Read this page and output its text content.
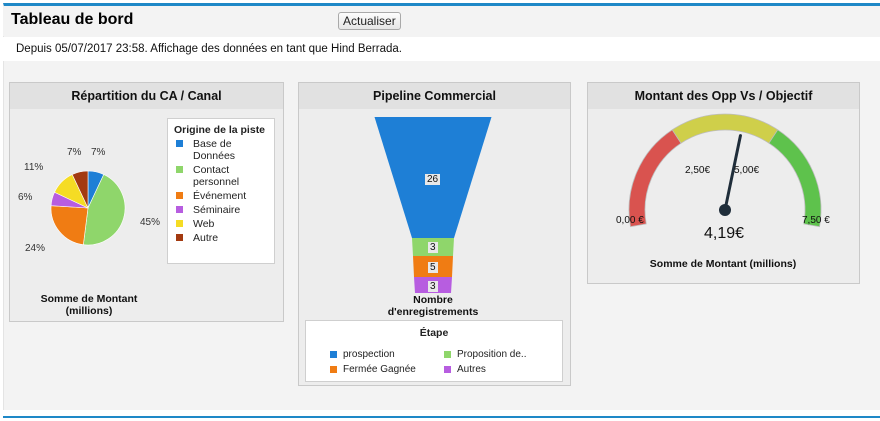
Tableau de bord	Actualiser
Depuis 05/07/2017 23:58. Affichage des données en tant que Hind Berrada.
Répartition du CA / Canal
7%
45%
24%
6%
11%
7%
Somme de Montant (millions)
Origine de la piste
Base de Données
Contact personnel
Événement
Séminaire
Web
Autre
Pipeline Commercial
26
3
5
3
Nombre d'enregistrements
Étape
prospection	Proposition de..
Fermée Gagnée	Autres
Montant des Opp Vs / Objectif
0,00 €
2,50€ 5,00€
7,50 €
4,19€
Somme de Montant (millions)
